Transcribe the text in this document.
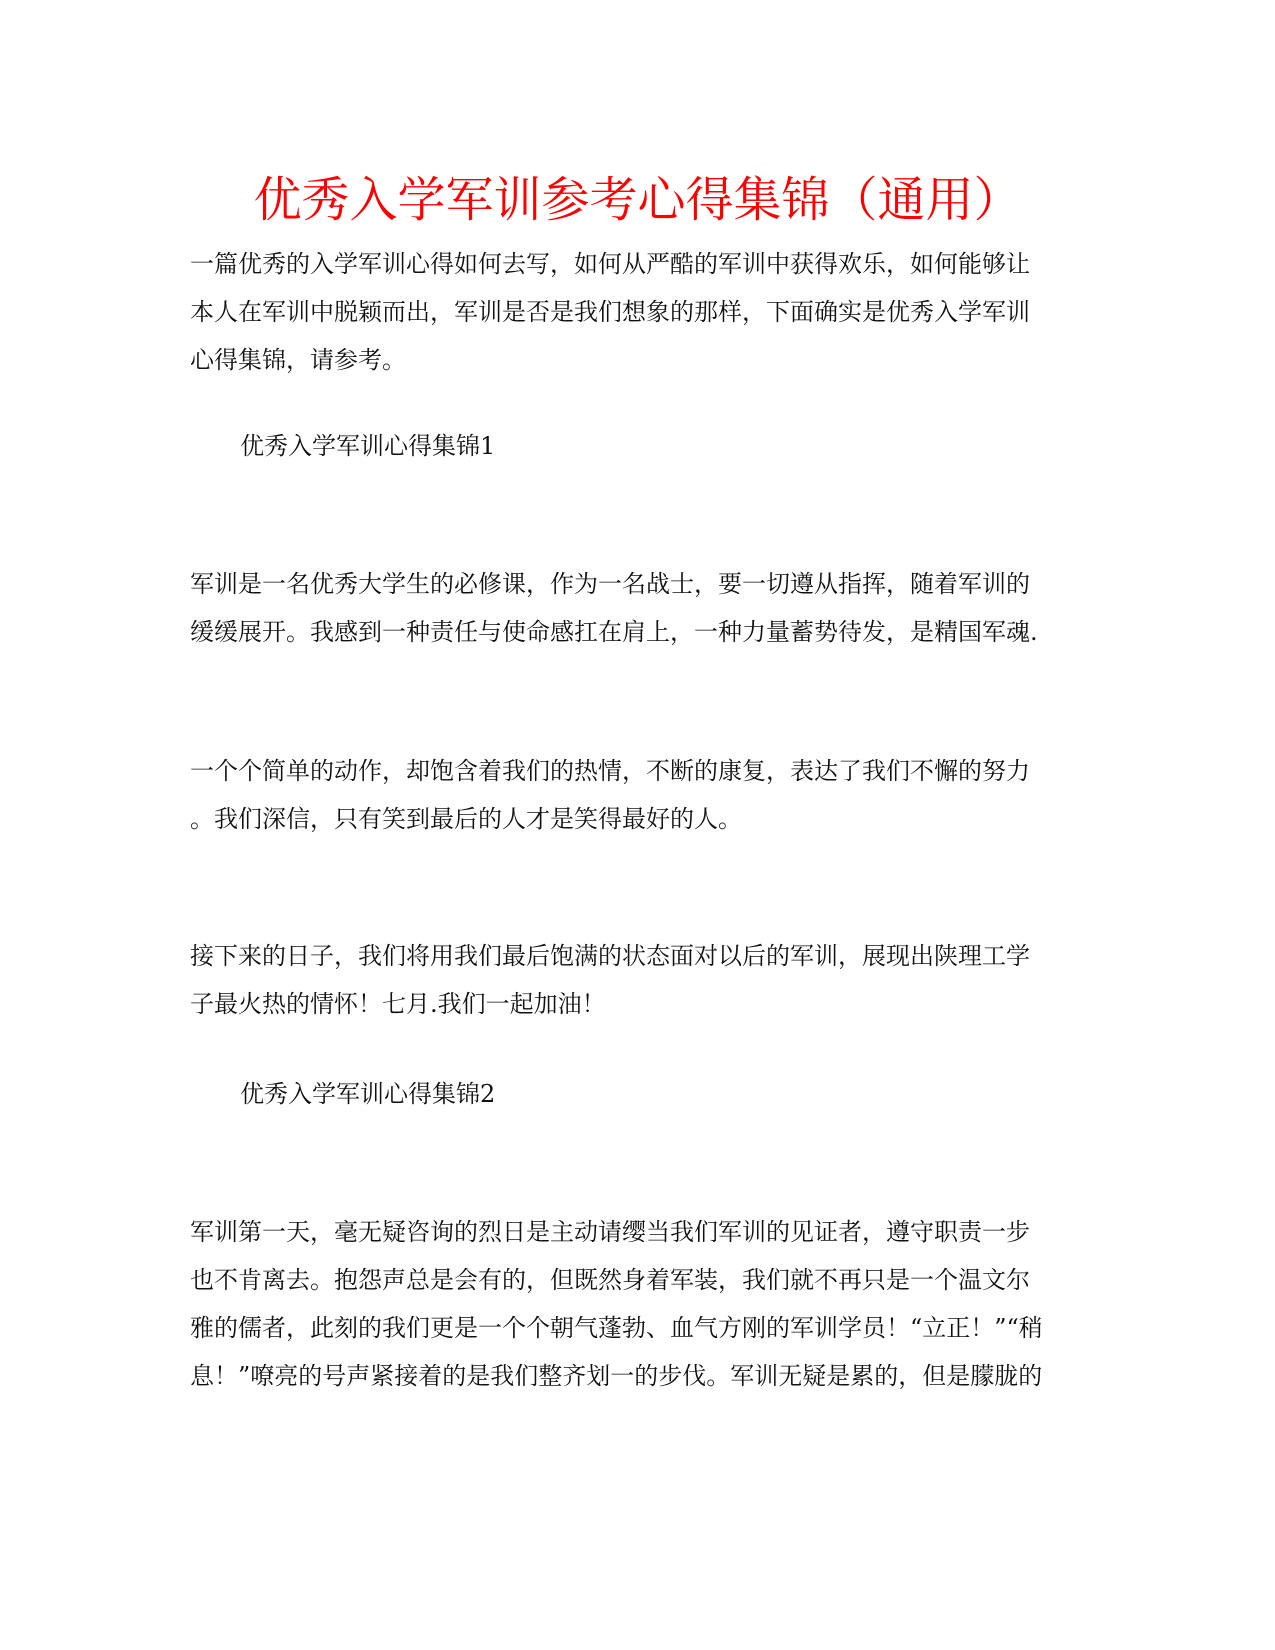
优秀入学军训参考心得集锦（通用）
一篇优秀的入学军训心得如何去写，如何从严酷的军训中获得欢乐，如何能够让
本人在军训中脱颖而出，军训是否是我们想象的那样，下面确实是优秀入学军训
心得集锦，请参考。
优秀入学军训心得集锦1
军训是一名优秀大学生的必修课，作为一名战士，要一切遵从指挥，随着军训的
缓缓展开。我感到一种责任与使命感扛在肩上，一种力量蓄势待发，是精国军魂.
一个个简单的动作，却饱含着我们的热情，不断的康复，表达了我们不懈的努力
。我们深信，只有笑到最后的人才是笑得最好的人。
接下来的日子，我们将用我们最后饱满的状态面对以后的军训，展现出陕理工学
子最火热的情怀！七月.我们一起加油！
优秀入学军训心得集锦2
军训第一天，毫无疑咨询的烈日是主动请缨当我们军训的见证者，遵守职责一步
也不肯离去。抱怨声总是会有的，但既然身着军装，我们就不再只是一个温文尔
雅的儒者，此刻的我们更是一个个朝气蓬勃、血气方刚的军训学员！“立正！”“稍
息！”嘹亮的号声紧接着的是我们整齐划一的步伐。军训无疑是累的，但是朦胧的
